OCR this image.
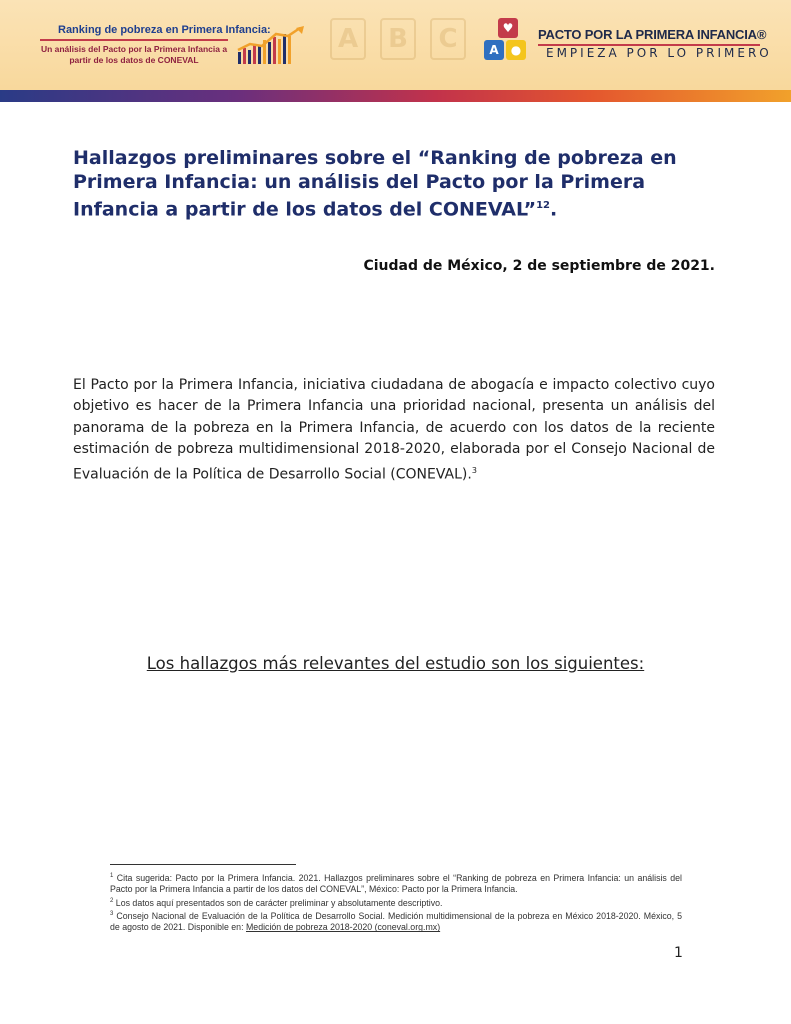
A	B	C
Ranking de pobreza en Primera Infancia:
Un análisis del Pacto por la Primera Infancia a partir de los datos de CONEVAL
♥
A	●
PACTO POR LA PRIMERA INFANCIA®
EMPIEZA POR LO PRIMERO
Hallazgos preliminares sobre el “Ranking de pobreza en Primera Infancia: un análisis del Pacto por la Primera Infancia a partir de los datos del CONEVAL”$^{12}$.
Ciudad de México, 2 de septiembre de 2021.

El Pacto por la Primera Infancia, iniciativa ciudadana de abogacía e impacto colectivo cuyo objetivo es hacer de la Primera Infancia una prioridad nacional, presenta un análisis del panorama de la pobreza en la Primera Infancia, de acuerdo con los datos de la reciente estimación de pobreza multidimensional 2018-2020, elaborada por el Consejo Nacional de Evaluación de la Política de Desarrollo Social (CONEVAL).$^3$

Los hallazgos más relevantes del estudio son los siguientes:

$^1$ Cita sugerida: Pacto por la Primera Infancia. 2021. Hallazgos preliminares sobre el “Ranking de pobreza en Primera Infancia: un análisis del Pacto por la Primera Infancia a partir de los datos del CONEVAL”, México: Pacto por la Primera Infancia.

$^2$ Los datos aquí presentados son de carácter preliminar y absolutamente descriptivo.

$^3$ Consejo Nacional de Evaluación de la Política de Desarrollo Social. Medición multidimensional de la pobreza en México 2018-2020. México, 5 de agosto de 2021. Disponible en: Medición de pobreza 2018-2020 (coneval.org.mx)

1
